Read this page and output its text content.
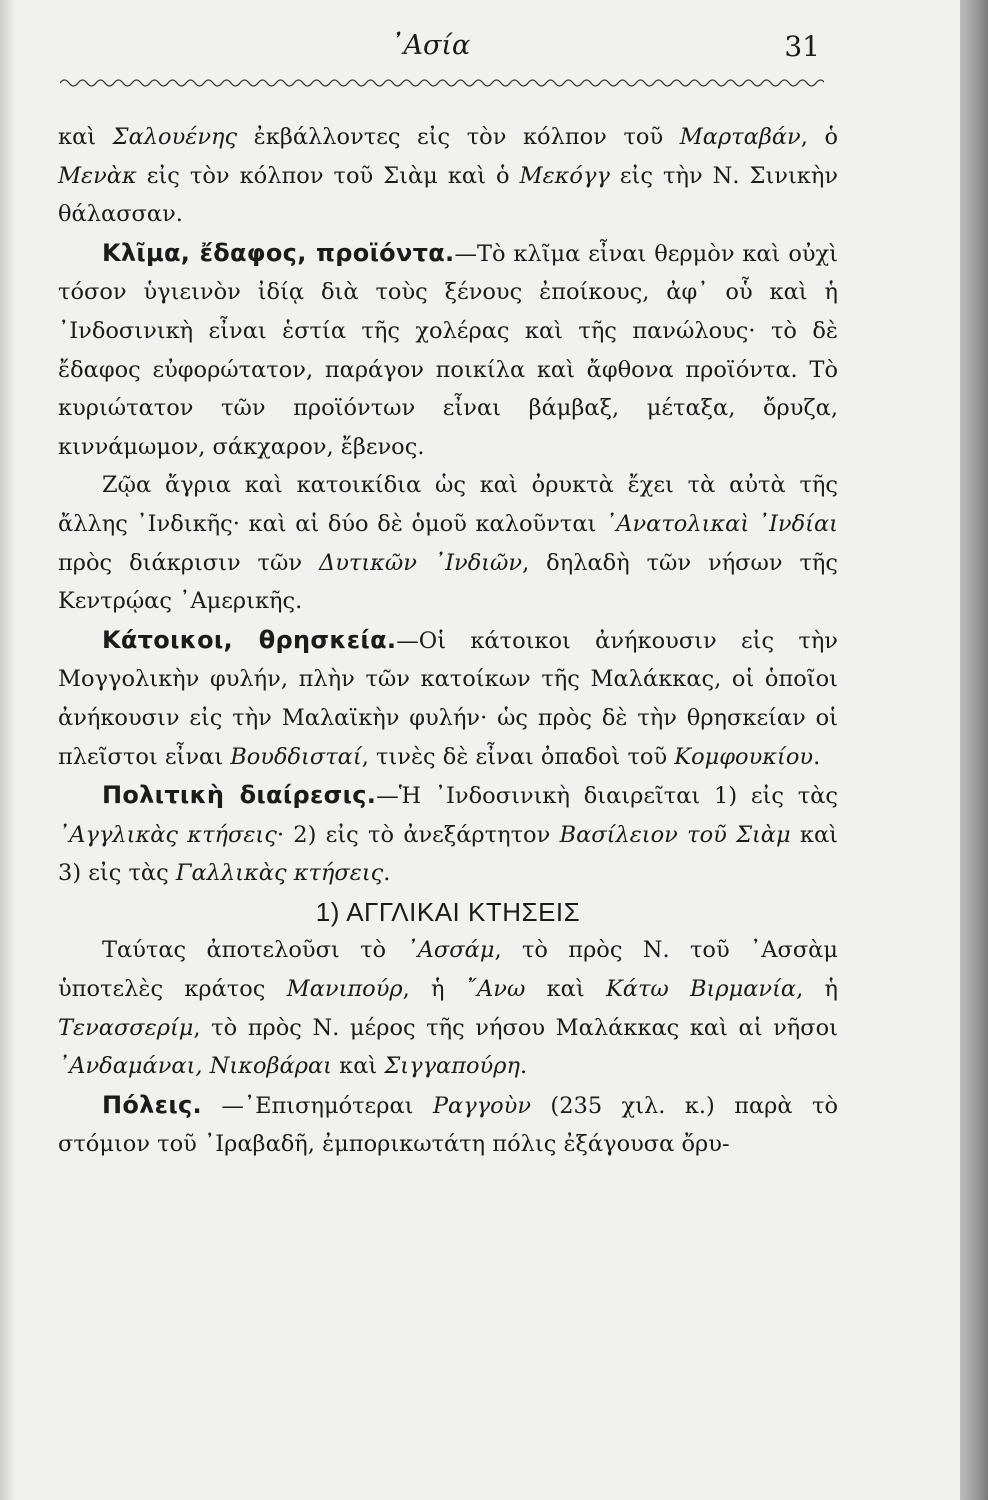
᾿Ασία	31

καὶ Σαλουένης ἐκβάλλοντες εἰς τὸν κόλπον τοῦ Μαρταβάν, ὁ Μενὰκ εἰς τὸν κόλπον τοῦ Σιὰμ καὶ ὁ Μεκόγγ εἰς τὴν Ν. Σινικὴν θάλασσαν.

Κλῖμα, ἔδαφος, προϊόντα.—Τὸ κλῖμα εἶναι θερμὸν καὶ οὐχὶ τόσον ὑγιεινὸν ἰδίᾳ διὰ τοὺς ξένους ἐποίκους, ἀφ᾿ οὗ καὶ ἡ ᾿Ινδοσινικὴ εἶναι ἑστία τῆς χολέρας καὶ τῆς πανώλους· τὸ δὲ ἔδαφος εὐφορώτατον, παράγον ποικίλα καὶ ἄφθονα προϊόντα. Τὸ κυριώτατον τῶν προϊόντων εἶναι βάμβαξ, μέταξα, ὄρυζα, κιννάμωμον, σάκχαρον, ἔβενος.

Ζῷα ἄγρια καὶ κατοικίδια ὡς καὶ ὀρυκτὰ ἔχει τὰ αὐτὰ τῆς ἄλλης ᾿Ινδικῆς· καὶ αἱ δύο δὲ ὁμοῦ καλοῦνται ᾿Ανατολικαὶ ᾿Ινδίαι πρὸς διάκρισιν τῶν Δυτικῶν ᾿Ινδιῶν, δηλαδὴ τῶν νήσων τῆς Κεντρῴας ᾿Αμερικῆς.

Κάτοικοι, θρησκεία.—Οἱ κάτοικοι ἀνήκουσιν εἰς τὴν Μογγολικὴν φυλήν, πλὴν τῶν κατοίκων τῆς Μαλάκκας, οἱ ὁποῖοι ἀνήκουσιν εἰς τὴν Μαλαϊκὴν φυλήν· ὡς πρὸς δὲ τὴν θρησκείαν οἱ πλεῖστοι εἶναι Βουδδισταί, τινὲς δὲ εἶναι ὀπαδοὶ τοῦ Κομφουκίου.

Πολιτικὴ διαίρεσις.—Ἡ ᾿Ινδοσινικὴ διαιρεῖται 1) εἰς τὰς ᾿Αγγλικὰς κτήσεις· 2) εἰς τὸ ἀνεξάρτητον Βασίλειον τοῦ Σιὰμ καὶ 3) εἰς τὰς Γαλλικὰς κτήσεις.

1) ΑΓΓΛΙΚΑΙ ΚΤΗΣΕΙΣ

Ταύτας ἀποτελοῦσι τὸ ᾿Ασσάμ, τὸ πρὸς Ν. τοῦ ᾿Ασσὰμ ὑποτελὲς κράτος Μανιπούρ, ἡ ῎Ανω καὶ Κάτω Βιρμανία, ἡ Τενασσερίμ, τὸ πρὸς Ν. μέρος τῆς νήσου Μαλάκκας καὶ αἱ νῆσοι ᾿Ανδαμάναι, Νικοβάραι καὶ Σιγγαπούρη.

Πόλεις. —᾿Επισημότεραι Ραγγοὺν (235 χιλ. κ.) παρὰ τὸ στόμιον τοῦ ᾿Ιραβαδῆ, ἐμπορικωτάτη πόλις ἐξάγουσα ὄρυ-
